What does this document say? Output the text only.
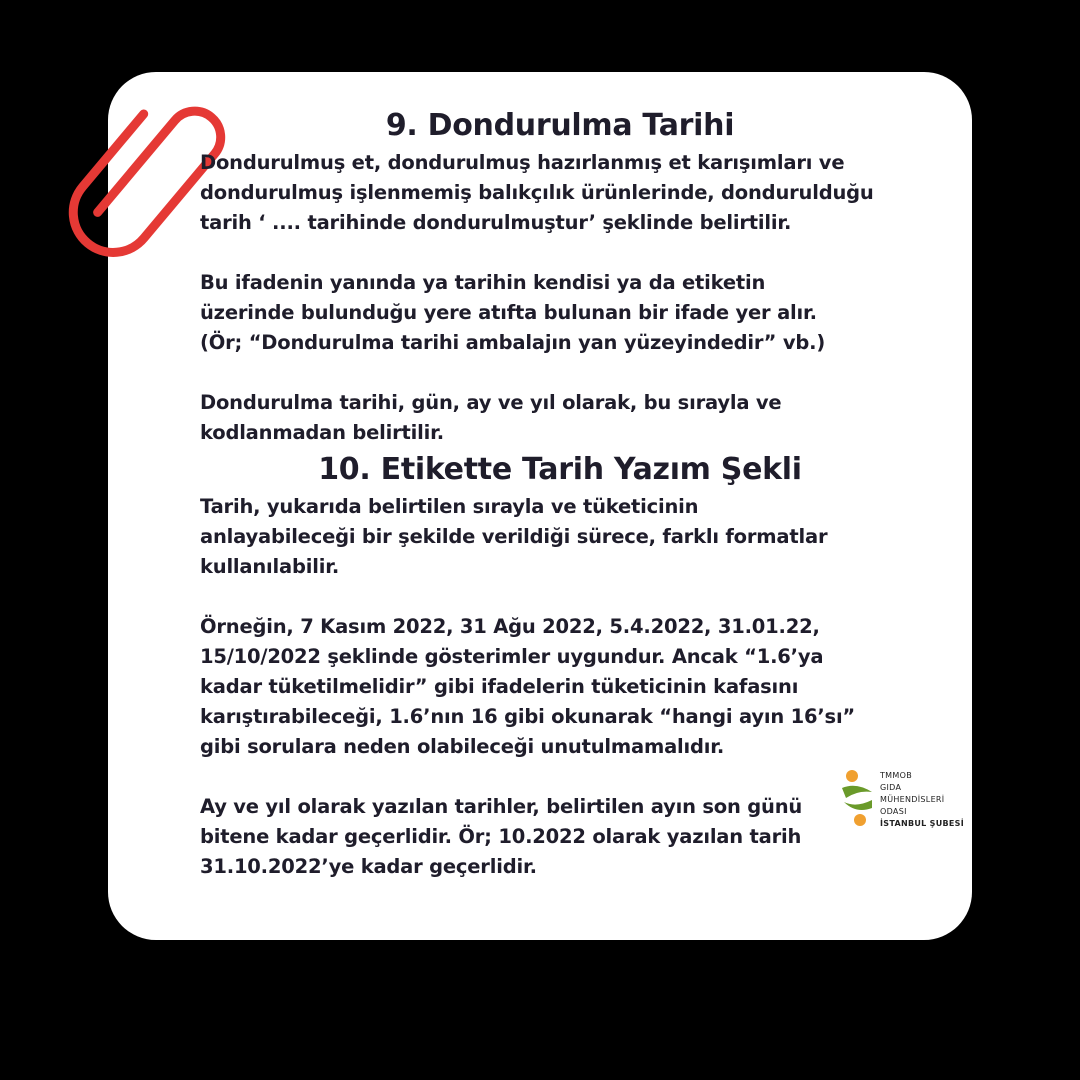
9. Dondurulma Tarihi

Dondurulmuş et, dondurulmuş hazırlanmış et karışımları ve
dondurulmuş işlenmemiş balıkçılık ürünlerinde, dondurulduğu
tarih ‘ .... tarihinde dondurulmuştur’ şeklinde belirtilir.

Bu ifadenin yanında ya tarihin kendisi ya da etiketin
üzerinde bulunduğu yere atıfta bulunan bir ifade yer alır.
(Ör; “Dondurulma tarihi ambalajın yan yüzeyindedir” vb.)

Dondurulma tarihi, gün, ay ve yıl olarak, bu sırayla ve
kodlanmadan belirtilir.

10. Etikette Tarih Yazım Şekli

Tarih, yukarıda belirtilen sırayla ve tüketicinin
anlayabileceği bir şekilde verildiği sürece, farklı formatlar
kullanılabilir.

Örneğin, 7 Kasım 2022, 31 Ağu 2022, 5.4.2022, 31.01.22,
15/10/2022 şeklinde gösterimler uygundur. Ancak “1.6’ya
kadar tüketilmelidir” gibi ifadelerin tüketicinin kafasını
karıştırabileceği, 1.6’nın 16 gibi okunarak “hangi ayın 16’sı”
gibi sorulara neden olabileceği unutulmamalıdır.

Ay ve yıl olarak yazılan tarihler, belirtilen ayın son günü
bitene kadar geçerlidir. Ör; 10.2022 olarak yazılan tarih
31.10.2022’ye kadar geçerlidir.

TMMOB
GIDA
MÜHENDİSLERİ
ODASI
İSTANBUL ŞUBESİ
